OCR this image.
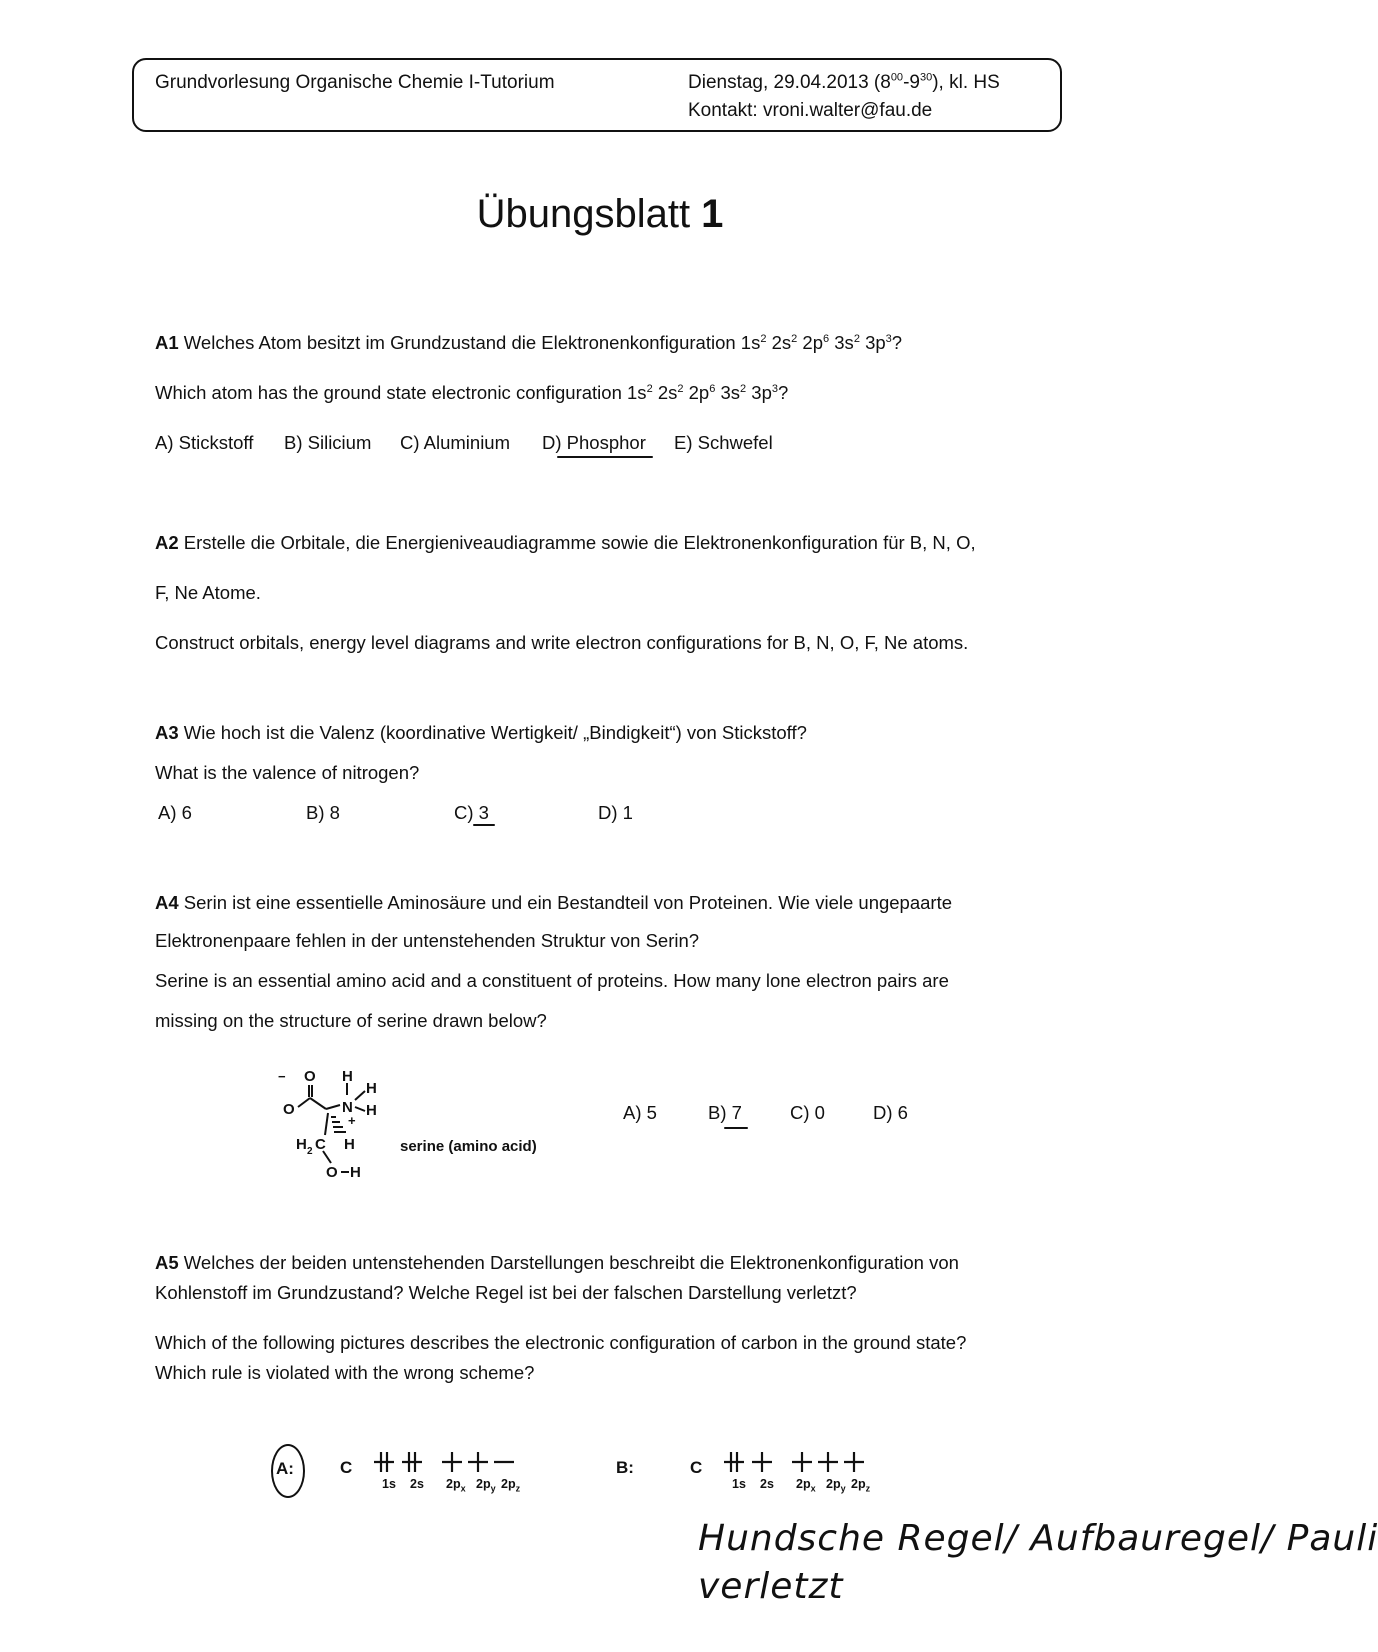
Grundvorlesung Organische Chemie I-Tutorium	Dienstag, 29.04.2013 $(8^{00}-9^{30})$, kl. HS
Kontakt: vroni.walter@fau.de
Übungsblatt 1
A1 Welches Atom besitzt im Grundzustand die Elektronenkonfiguration $1s^2$ $2s^2$ $2p^6$ $3s^2$ $3p^3$?
Which atom has the ground state electronic configuration $1s^2$ $2s^2$ $2p^6$ $3s^2$ $3p^3$?
A) Stickstoff B) Silicium C) Aluminium D) Phosphor E) Schwefel
A2 Erstelle die Orbitale, die Energieniveaudiagramme sowie die Elektronenkonfiguration für B, N, O,
F, Ne Atome.
Construct orbitals, energy level diagrams and write electron configurations for B, N, O, F, Ne atoms.
A3 Wie hoch ist die Valenz (koordinative Wertigkeit/ „Bindigkeit“) von Stickstoff?
What is the valence of nitrogen?
A) 6	B) 8	C) 3	D) 1
A4 Serin ist eine essentielle Aminosäure und ein Bestandteil von Proteinen. Wie viele ungepaarte
Elektronenpaare fehlen in der untenstehenden Struktur von Serin?
Serine is an essential amino acid and a constituent of proteins. How many lone electron pairs are
missing on the structure of serine drawn below?
O
−
O
H
H
N H
+
H 2 C H
O H
serine (amino acid)
A) 5	B) 7	C) 0	D) 6
A5 Welches der beiden untenstehenden Darstellungen beschreibt die Elektronenkonfiguration von
Kohlenstoff im Grundzustand? Welche Regel ist bei der falschen Darstellung verletzt?
Which of the following pictures describes the electronic configuration of carbon in the ground state?
Which rule is violated with the wrong scheme?
A:	C
1s 2s $2p_x$ $2p_y$ $2p_z$
B:	C
1s 2s $2p_x$ $2p_y$ $2p_z$
Hundsche Regel/ Aufbauregel/ Pauli
verletzt
